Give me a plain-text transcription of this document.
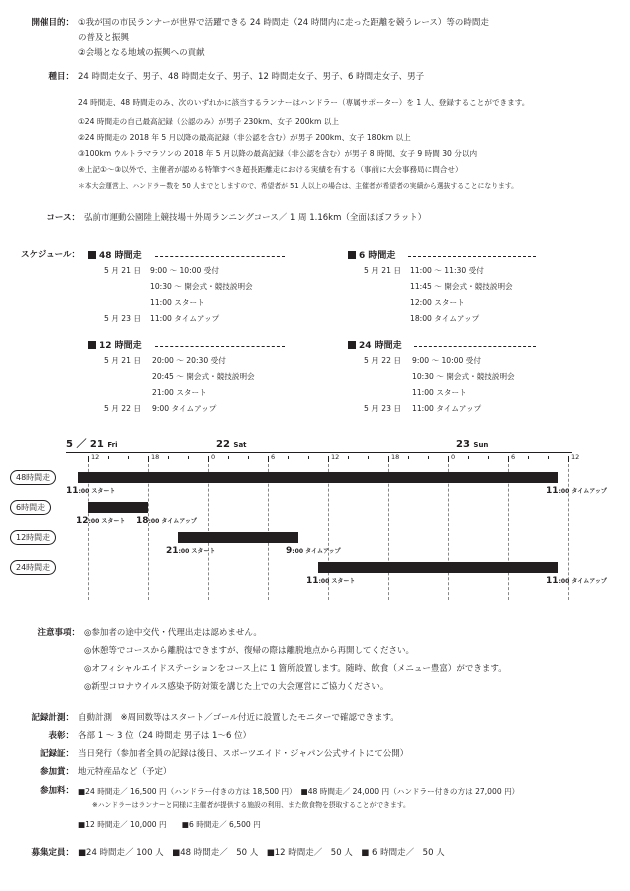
開催目的： ①我が国の市民ランナーが世界で活躍できる 24 時間走（24 時間内に走った距離を競うレース）等の時間走
の普及と振興
②会場となる地域の振興への貢献
種目： 24 時間走女子、男子、48 時間走女子、男子、12 時間走女子、男子、6 時間走女子、男子
24 時間走、48 時間走のみ、次のいずれかに該当するランナーはハンドラー（専属サポーター）を 1 人、登録することができます。
①24 時間走の自己最高記録（公認のみ）が男子 230km、女子 200km 以上
②24 時間走の 2018 年 5 月以降の最高記録（非公認を含む）が男子 200km、女子 180km 以上
③100km ウルトラマラソンの 2018 年 5 月以降の最高記録（非公認を含む）が男子 8 時間、女子 9 時間 30 分以内
④上記①〜③以外で、主催者が認める特筆すべき超長距離走における実績を有する（事前に大会事務局に問合せ）
＊本大会運営上、ハンドラー数を 50 人までとしますので、希望者が 51 人以上の場合は、主催者が希望者の実績から選抜することになります。
コース： 弘前市運動公園陸上競技場＋外周ランニングコース／ 1 周 1.16km（全面ほぼフラット）
スケジュール：	48 時間走
5 月 21 日 9:00 〜 10:00 受付
10:30 〜 開会式・競技説明会
11:00 スタート
5 月 23 日 11:00 タイムアップ
6 時間走
5 月 21 日 11:00 〜 11:30 受付
11:45 〜 開会式・競技説明会
12:00 スタート
18:00 タイムアップ
12 時間走
5 月 21 日 20:00 〜 20:30 受付
20:45 〜 開会式・競技説明会
21:00 スタート
5 月 22 日 9:00 タイムアップ
24 時間走
5 月 22 日 9:00 〜 10:00 受付
10:30 〜 開会式・競技説明会
11:00 スタート
5 月 23 日 11:00 タイムアップ
5 ／ 21 Fri	22 Sat	23 Sun
12	18	0	6	12	18	0	6	12
48時間走
11:00 スタート	11:00 タイムアップ
6時間走
12:00 スタート 18:00 タイムアップ
12時間走
21:00 スタート	9:00 タイムアップ
24時間走
11:00 スタート	11:00 タイムアップ
注意事項： ◎参加者の途中交代・代理出走は認めません。
◎休憩等でコースから離脱はできますが、復帰の際は離脱地点から再開してください。
◎オフィシャルエイドステーションをコース上に 1 箇所設置します。随時、飲食（メニュー豊富）ができます。
◎新型コロナウイルス感染予防対策を講じた上での大会運営にご協力ください。
記録計測： 自動計測　※周回数等はスタート／ゴール付近に設置したモニターで確認できます。
表彰： 各部 1 〜 3 位（24 時間走 男子は 1〜6 位）
記録証： 当日発行（参加者全員の記録は後日、スポーツエイド・ジャパン公式サイトにて公開）
参加賞： 地元特産品など（予定）
参加料： ■24 時間走／ 16,500 円（ハンドラー付きの方は 18,500 円）　■48 時間走／ 24,000 円（ハンドラー付きの方は 27,000 円）
※ハンドラーはランナーと同様に主催者が提供する施設の利用、また飲食物を摂取することができます。
■12 時間走／ 10,000 円　　■6 時間走／ 6,500 円
募集定員： ■24 時間走／ 100 人　■48 時間走／　50 人　■12 時間走／　50 人　■ 6 時間走／　50 人
